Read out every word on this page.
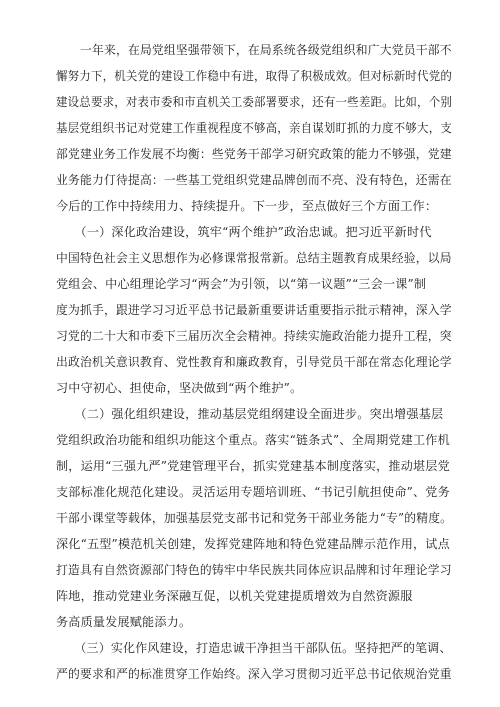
　　一年来，在局党组坚强带领下，在局系统各级党组织和广大党员干部不
懈努力下，机关党的建设工作稳中有进，取得了积极成效。但对标新时代党的
建设总要求，对表市委和市直机关工委部署要求，还有一些差距。比如，个别
基层党组织书记对党建工作重视程度不够高，亲自谋划盯抓的力度不够大，支
部党建业务工作发展不均衡：些党务干部学习研究政策的能力不够强，党建
业务能力仃待提高：一些基工党组织党建品牌创而不亮、没有特色，还需在
今后的工作中持续用力、持续提升。下一步，至点做好三个方面工作：
　　（一）深化政治建设，筑牢“两个维护”政治忠诚。把习近平新时代
中国特色社会主义思想作为必修课常报常新。总结主题教育成果经验，以局
党组会、中心组理论学习“两会”为引领，以“第一议题”“三会一课”制
度为抓手，跟进学习习近平总书记最新重要讲话重要指示批示精神，深入学
习党的二十大和市委下三届历次全会精神。持续实施政治能力提升工程，突
出政治机关意识教育、党性教育和廉政教育，引导党员干部在常态化理论学
习中守初心、担使命，坚决做到“两个维护”。
　　（二）强化组织建设，推动基层党组纲建设全面进步。突出增强基层
党组织政治功能和组织功能这个重点。落实“链条式”、全周期党建工作机
制，运用“三强九严”党建管理平台，抓实党建基本制度落实，推动堪层党
支部标准化规范化建设。灵活运用专题培训班、“书记引航担使命”、党务
干部小课堂等载体，加强基层党支部书记和党务干部业务能力“专”的精度。
深化“五型”模范机关创建，发挥党建阵地和特色党建品牌示范作用，试点
打造具有自然资源部门特色的铸牢中华民族共同体应识品牌和讨年理论学习
阵地，推动党建业务深融互促，以机关党建提质增效为自然资源服
务高质量发展赋能添力。
　　（三）实化作风建设，打造忠诚干净担当干部队伍。坚持把严的笔调、
严的要求和严的标准贯穿工作始终。深入学习贯彻习近平总书记依规治党重
